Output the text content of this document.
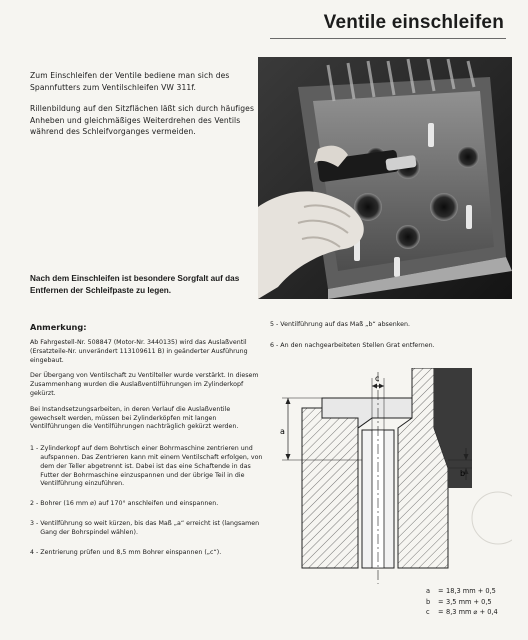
Ventile einschleifen

Zum Einschleifen der Ventile bediene man sich des Spannfutters zum Ventilschleifen VW 311f.

Rillenbildung auf den Sitzflächen läßt sich durch häufiges Anheben und gleichmäßiges Weiterdrehen des Ventils während des Schleifvorganges vermeiden.

Nach dem Einschleifen ist besondere Sorgfalt auf das Entfernen der Schleifpaste zu legen.
Anmerkung:

Ab Fahrgestell-Nr. 508847 (Motor-Nr. 3440135) wird das Auslaßventil (Ersatzteile-Nr. unverändert 113109611 B) in geänderter Ausführung eingebaut.

Der Übergang von Ventilschaft zu Ventilteller wurde verstärkt. In diesem Zusammenhang wurden die Auslaßventilführungen im Zylinderkopf gekürzt.

Bei Instandsetzungsarbeiten, in deren Verlauf die Auslaßventile gewechselt werden, müssen bei Zylinderköpfen mit langen Ventilführungen die Ventilführungen nachträglich gekürzt werden.

1 - Zylinderkopf auf dem Bohrtisch einer Bohrmaschine zentrieren und aufspannen. Das Zentrieren kann mit einem Ventilschaft erfolgen, von dem der Teller abgetrennt ist. Dabei ist das eine Schaftende in das Futter der Bohrmaschine einzuspannen und der übrige Teil in die Ventilführung einzuführen.
2 - Bohrer (16 mm ⌀) auf 170° anschleifen und einspannen.
3 - Ventilführung so weit kürzen, bis das Maß „a“ erreicht ist (langsamen Gang der Bohrspindel wählen).
4 - Zentrierung prüfen und 8,5 mm Bohrer einspannen („c“).
5 - Ventilführung auf das Maß „b“ absenken.
6 - An den nachgearbeiteten Stellen Grat entfernen.
a
c
b
a	= 18,3 mm + 0,5
b	= 3,5 mm + 0,5
c	= 8,3 mm ⌀ + 0,4
